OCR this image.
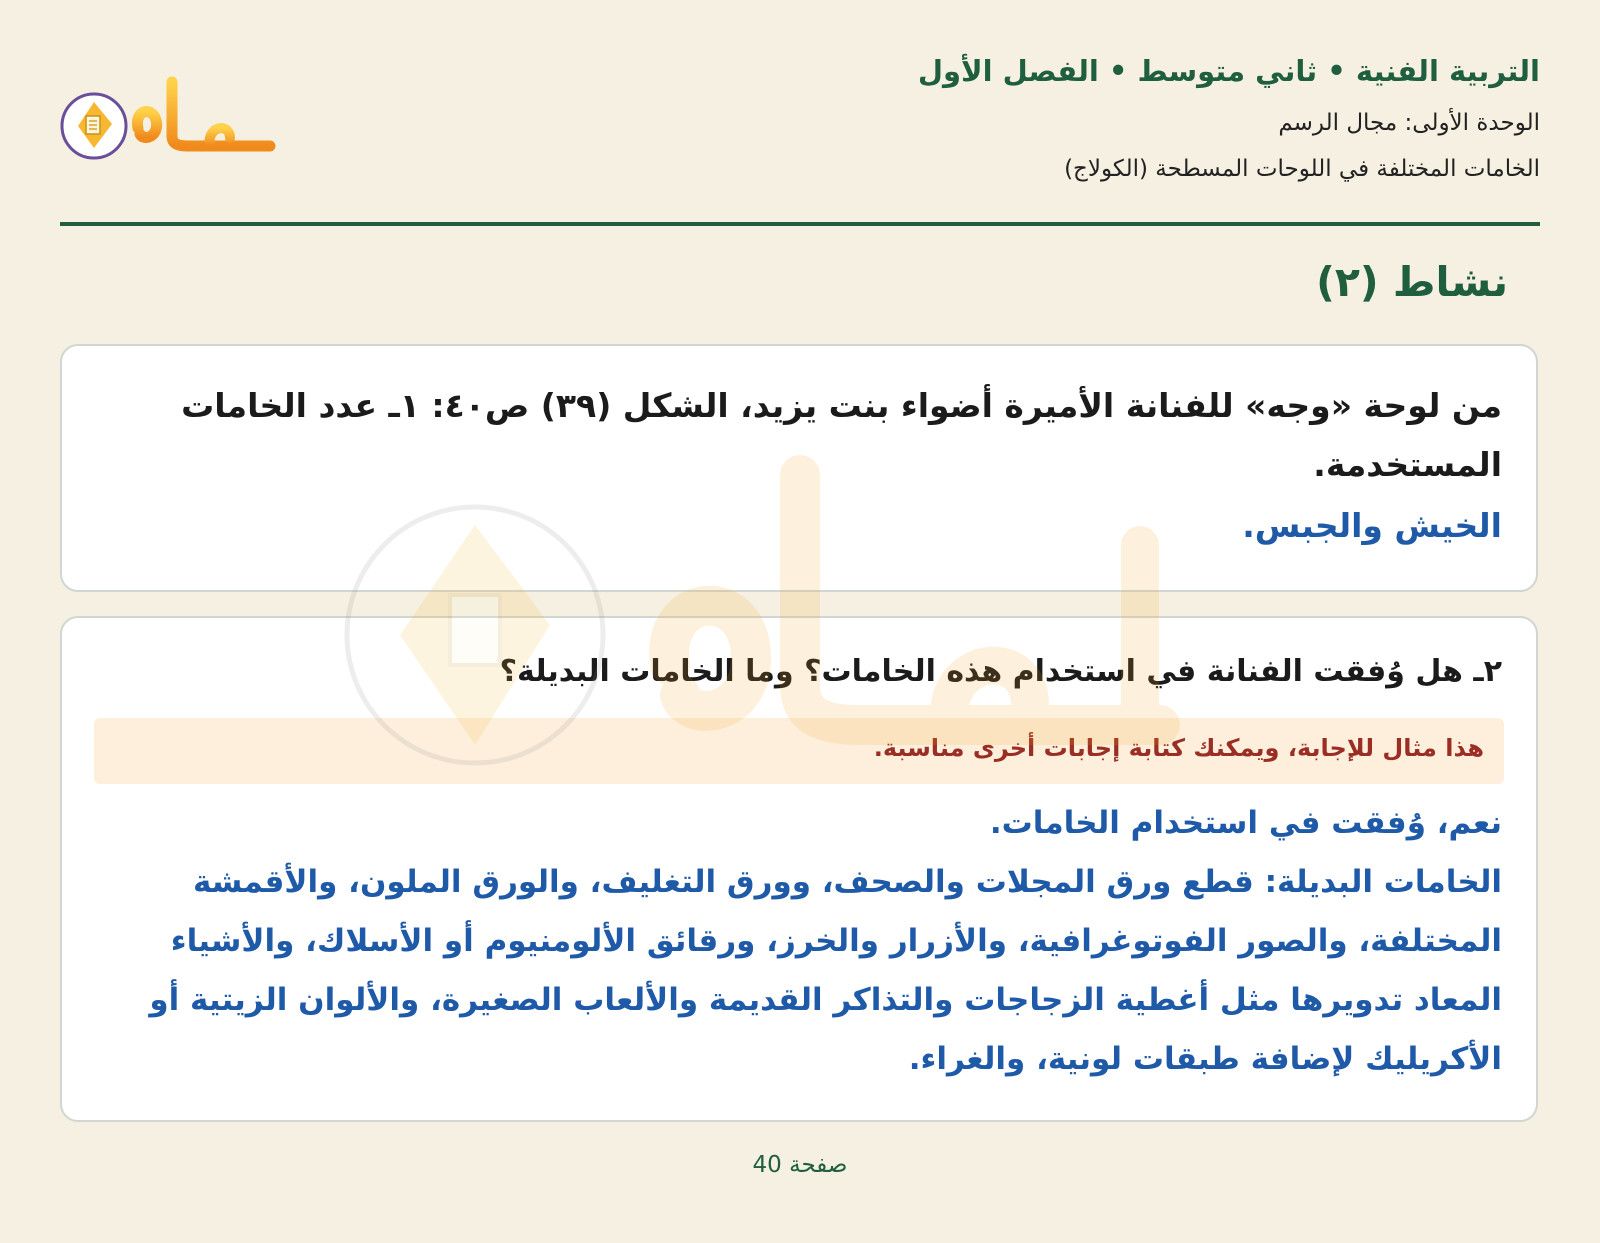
التربية الفنية • ثاني متوسط • الفصل الأول
الوحدة الأولى: مجال الرسم
الخامات المختلفة في اللوحات المسطحة (الكولاج)
نشاط (٢)

من لوحة «وجه» للفنانة الأميرة أضواء بنت يزيد، الشكل (٣٩) ص٤٠: ١ـ عدد الخامات المستخدمة.

الخيش والجبس.

٢ـ هل وُفقت الفنانة في استخدام هذه الخامات؟ وما الخامات البديلة؟

هذا مثال للإجابة، ويمكنك كتابة إجابات أخرى مناسبة.

نعم، وُفقت في استخدام الخامات.

الخامات البديلة: قطع ورق المجلات والصحف، وورق التغليف، والورق الملون، والأقمشة المختلفة، والصور الفوتوغرافية، والأزرار والخرز، ورقائق الألومنيوم أو الأسلاك، والأشياء المعاد تدويرها مثل أغطية الزجاجات والتذاكر القديمة والألعاب الصغيرة، والألوان الزيتية أو الأكريليك لإضافة طبقات لونية، والغراء.

صفحة 40
